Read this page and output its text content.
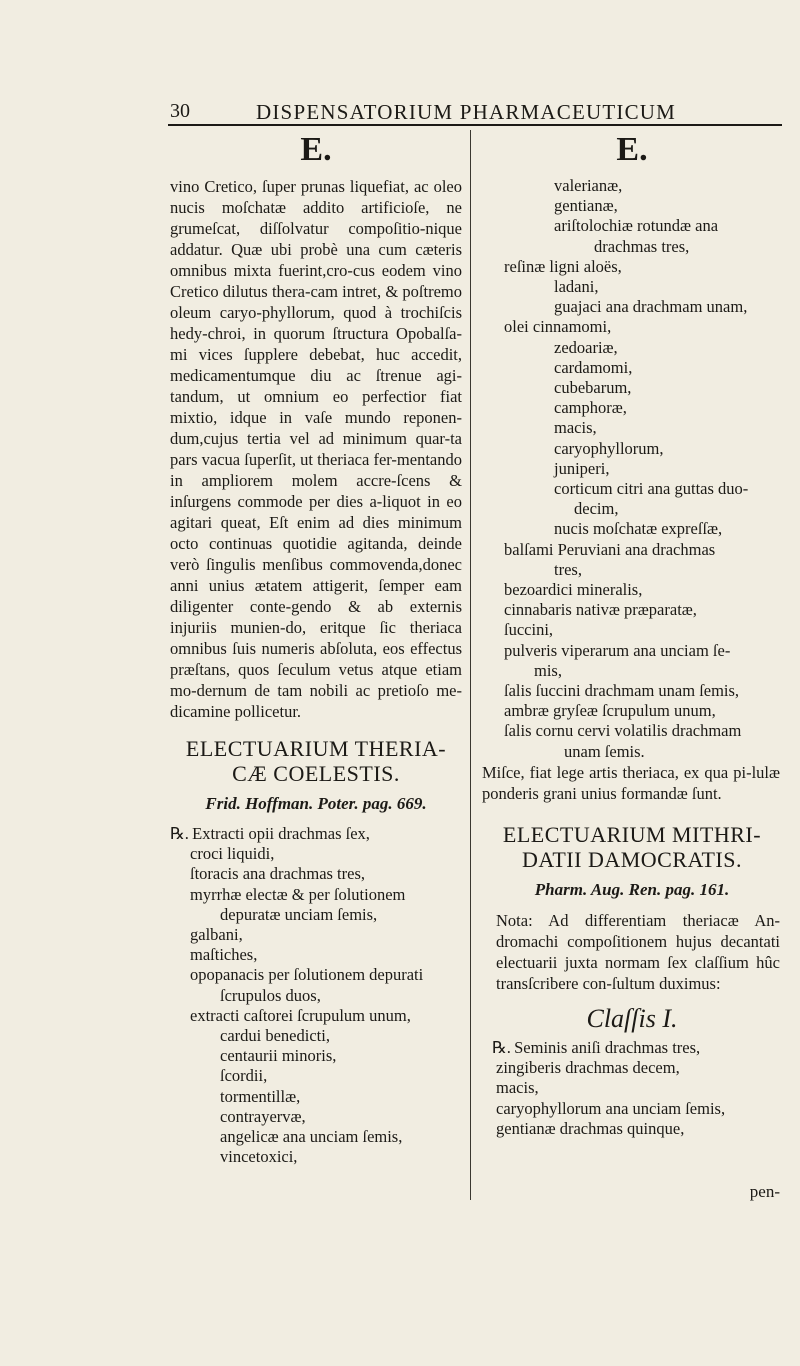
30	DISPENSATORIUM PHARMACEUTICUM
E.

vino Cretico, ſuper prunas liquefiat, ac oleo nucis moſchatæ addito artificioſe, ne grumeſcat, diſſolvatur compoſitio-nique addatur. Quæ ubi probè una cum cæteris omnibus mixta fuerint,cro-cus eodem vino Cretico dilutus thera-cam intret, & poſtremo oleum caryo-phyllorum, quod à trochiſcis hedy-chroi, in quorum ſtructura Opobalſa-mi vices ſupplere debebat, huc accedit, medicamentumque diu ac ſtrenue agi-tandum, ut omnium eo perfectior fiat mixtio, idque in vaſe mundo reponen-dum,cujus tertia vel ad minimum quar-ta pars vacua ſuperſit, ut theriaca fer-mentando in ampliorem molem accre-ſcens & inſurgens commode per dies a-liquot in eo agitari queat, Eſt enim ad dies minimum octo continuas quotidie agitanda, deinde verò ſingulis menſibus commovenda,donec anni unius ætatem attigerit, ſemper eam diligenter conte-gendo & ab externis injuriis munien-do, eritque ſic theriaca omnibus ſuis numeris abſoluta, eos effectus præſtans, quos ſeculum vetus atque etiam mo-dernum de tam nobili ac pretioſo me-dicamine pollicetur.

ELECTUARIUM THERIA-
CÆ COELESTIS.
Frid. Hoffman. Poter. pag. 669.
℞. Extracti opii drachmas ſex,
croci liquidi,
ſtoracis ana drachmas tres,
myrrhæ electæ & per ſolutionem
depuratæ unciam ſemis,
galbani,
maſtiches,
opopanacis per ſolutionem depurati
ſcrupulos duos,
extracti caſtorei ſcrupulum unum,
cardui benedicti,
centaurii minoris,
ſcordii,
tormentillæ,
contrayervæ,
angelicæ ana unciam ſemis,
vincetoxici,
E.
valerianæ,
gentianæ,
ariſtolochiæ rotundæ ana
drachmas tres,
reſinæ ligni aloës,
ladani,
guajaci ana drachmam unam,
olei cinnamomi,
zedoariæ,
cardamomi,
cubebarum,
camphoræ,
macis,
caryophyllorum,
juniperi,
corticum citri ana guttas duo-
decim,
nucis moſchatæ expreſſæ,
balſami Peruviani ana drachmas
tres,
bezoardici mineralis,
cinnabaris nativæ præparatæ,
ſuccini,
pulveris viperarum ana unciam ſe-
mis,
ſalis ſuccini drachmam unam ſemis,
ambræ gryſeæ ſcrupulum unum,
ſalis cornu cervi volatilis drachmam
unam ſemis.

Miſce, fiat lege artis theriaca, ex qua pi-lulæ ponderis grani unius formandæ ſunt.

ELECTUARIUM MITHRI-
DATII DAMOCRATIS.
Pharm. Aug. Ren. pag. 161.

Nota: Ad differentiam theriacæ An-dromachi compoſitionem hujus decantati electuarii juxta normam ſex claſſium hûc transſcribere con-ſultum duximus:

Claſſis I.
℞. Seminis aniſi drachmas tres,
zingiberis drachmas decem,
macis,
caryophyllorum ana unciam ſemis,
gentianæ drachmas quinque,
pen-
